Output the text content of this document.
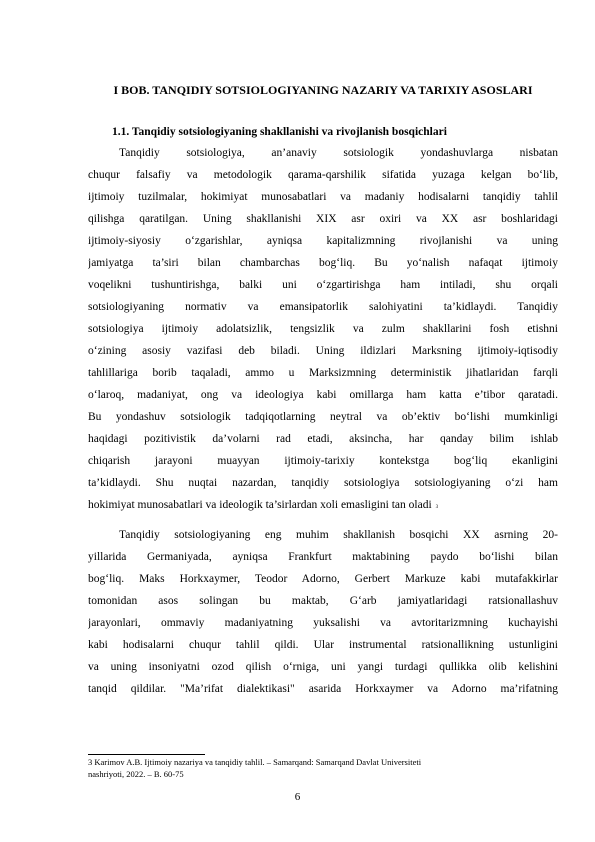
I BOB. TANQIDIY SOTSIOLOGIYANING NAZARIY VA TARIXIY ASOSLARI
1.1. Tanqidiy sotsiologiyaning shakllanishi va rivojlanish bosqichlari
Tanqidiy sotsiologiya, an’anaviy sotsiologik yondashuvlarga nisbatan
chuqur falsafiy va metodologik qarama-qarshilik sifatida yuzaga kelgan bo‘lib,
ijtimoiy tuzilmalar, hokimiyat munosabatlari va madaniy hodisalarni tanqidiy tahlil
qilishga qaratilgan. Uning shakllanishi XIX asr oxiri va XX asr boshlaridagi
ijtimoiy-siyosiy o‘zgarishlar, ayniqsa kapitalizmning rivojlanishi va uning
jamiyatga ta’siri bilan chambarchas bog‘liq. Bu yo‘nalish nafaqat ijtimoiy
voqelikni tushuntirishga, balki uni o‘zgartirishga ham intiladi, shu orqali
sotsiologiyaning normativ va emansipatorlik salohiyatini ta’kidlaydi. Tanqidiy
sotsiologiya ijtimoiy adolatsizlik, tengsizlik va zulm shakllarini fosh etishni
o‘zining asosiy vazifasi deb biladi. Uning ildizlari Marksning ijtimoiy-iqtisodiy
tahlillariga borib taqaladi, ammo u Marksizmning deterministik jihatlaridan farqli
o‘laroq, madaniyat, ong va ideologiya kabi omillarga ham katta e’tibor qaratadi.
Bu yondashuv sotsiologik tadqiqotlarning neytral va ob’ektiv bo‘lishi mumkinligi
haqidagi pozitivistik da’volarni rad etadi, aksincha, har qanday bilim ishlab
chiqarish jarayoni muayyan ijtimoiy-tarixiy kontekstga bog‘liq ekanligini
ta’kidlaydi. Shu nuqtai nazardan, tanqidiy sotsiologiya sotsiologiyaning o‘zi ham
hokimiyat munosabatlari va ideologik ta’sirlardan xoli emasligini tan oladi 3
Tanqidiy sotsiologiyaning eng muhim shakllanish bosqichi XX asrning 20-
yillarida Germaniyada, ayniqsa Frankfurt maktabining paydo bo‘lishi bilan
bog‘liq. Maks Horkxaymer, Teodor Adorno, Gerbert Markuze kabi mutafakkirlar
tomonidan asos solingan bu maktab, G‘arb jamiyatlaridagi ratsionallashuv
jarayonlari, ommaviy madaniyatning yuksalishi va avtoritarizmning kuchayishi
kabi hodisalarni chuqur tahlil qildi. Ular instrumental ratsionallikning ustunligini
va uning insoniyatni ozod qilish o‘rniga, uni yangi turdagi qullikka olib kelishini
tanqid qildilar. "Ma’rifat dialektikasi" asarida Horkxaymer va Adorno ma’rifatning
3 Karimov A.B. Ijtimoiy nazariya va tanqidiy tahlil. – Samarqand: Samarqand Davlat Universiteti
nashriyoti, 2022. – B. 60-75
6
